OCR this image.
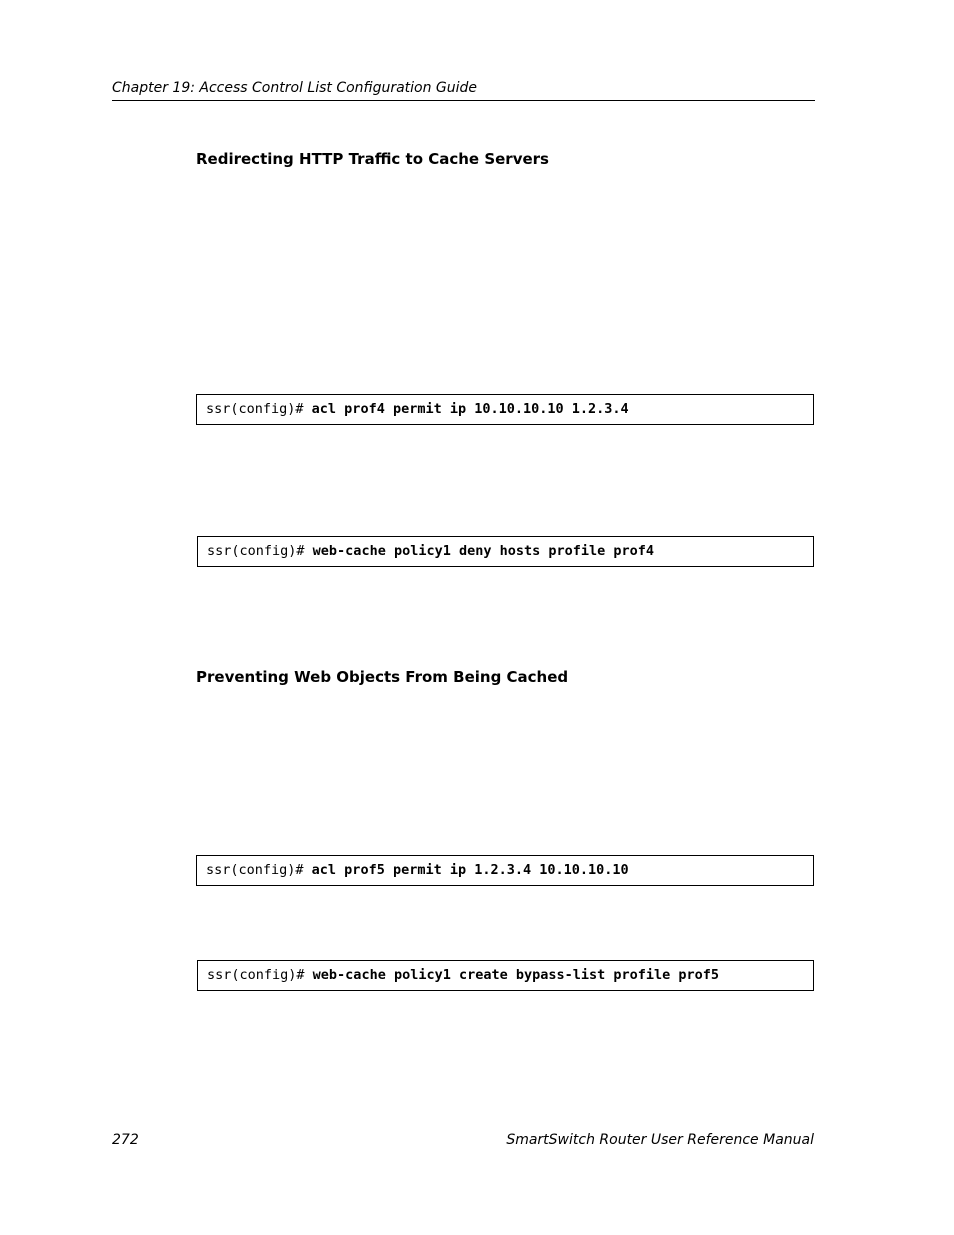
Chapter 19: Access Control List Configuration Guide
Redirecting HTTP Traffic to Cache Servers
ssr(config)# acl prof4 permit ip 10.10.10.10 1.2.3.4
ssr(config)# web-cache policy1 deny hosts profile prof4
Preventing Web Objects From Being Cached
ssr(config)# acl prof5 permit ip 1.2.3.4 10.10.10.10
ssr(config)# web-cache policy1 create bypass-list profile prof5
272	SmartSwitch Router User Reference Manual
